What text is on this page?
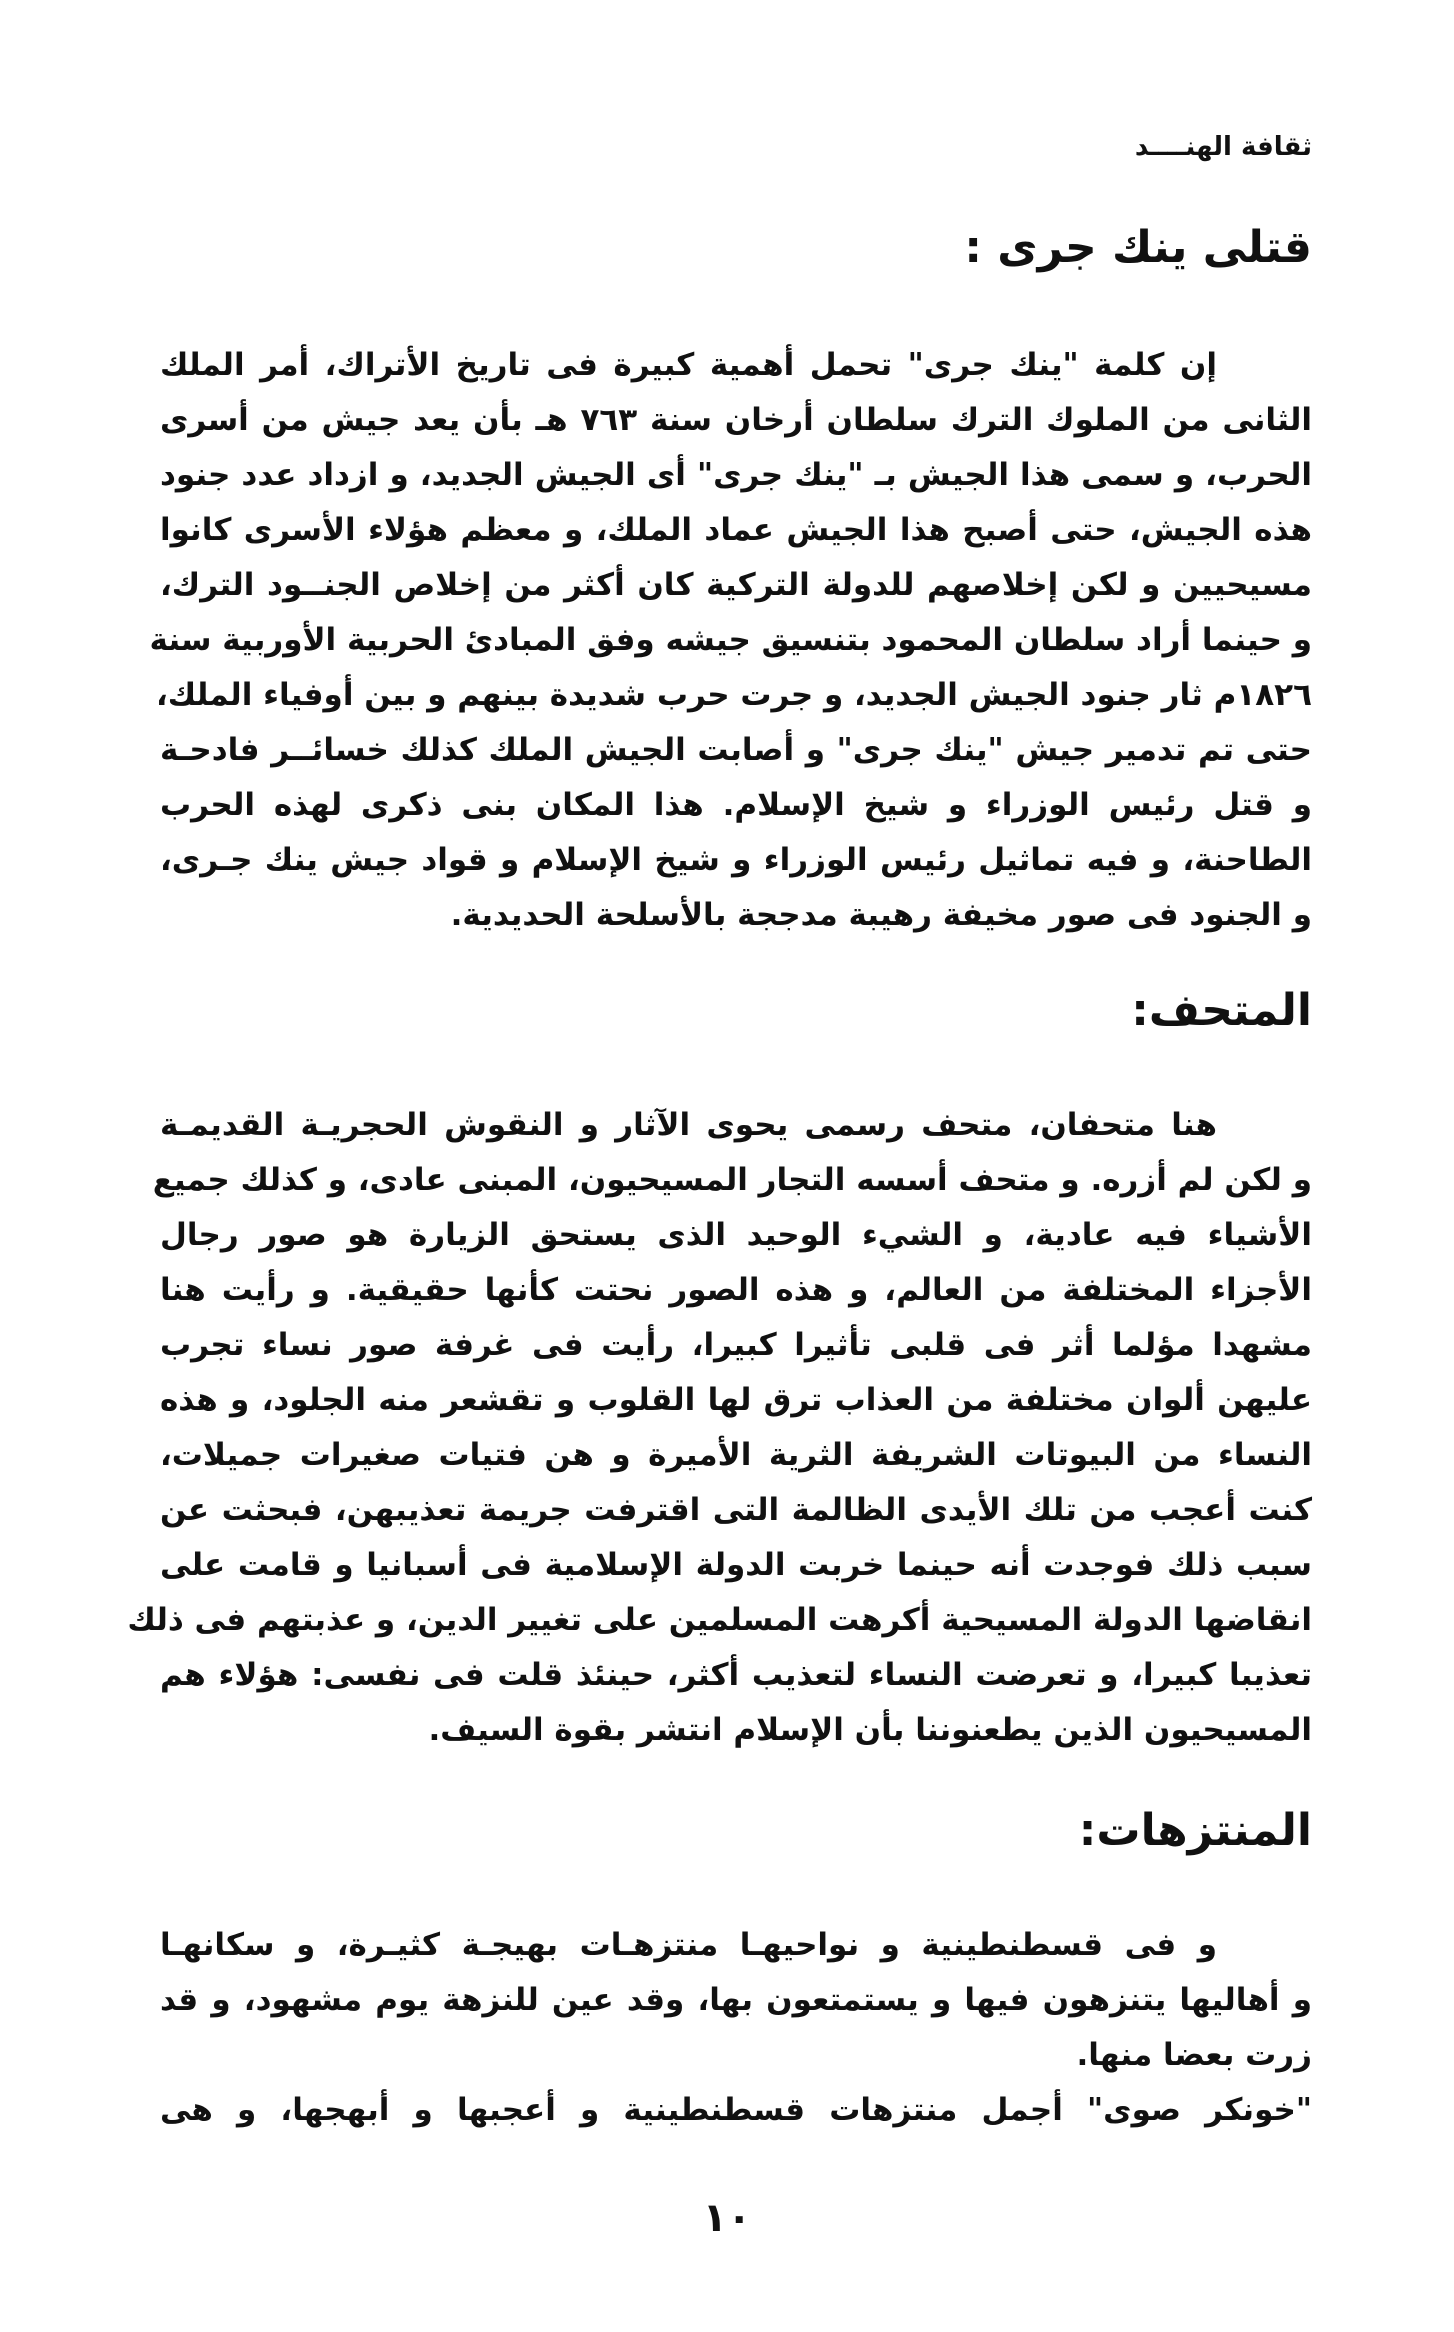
ثقافة الهنــــد
قتلى ينك جرى :
إن كلمة "ينك جرى" تحمل أهمية كبيرة فى تاريخ الأتراك، أمر الملك
الثانى من الملوك الترك سلطان أرخان سنة ٧٦٣ هـ بأن يعد جيش من أسرى
الحرب، و سمى هذا الجيش بـ "ينك جرى" أى الجيش الجديد، و ازداد عدد جنود
هذه الجيش، حتى أصبح هذا الجيش عماد الملك، و معظم هؤلاء الأسرى كانوا
مسيحيين و لكن إخلاصهم للدولة التركية كان أكثر من إخلاص الجنــود الترك،
و حينما أراد سلطان المحمود بتنسيق جيشه وفق المبادئ الحربية الأوربية سنة
١٨٢٦م ثار جنود الجيش الجديد، و جرت حرب شديدة بينهم و بين أوفياء الملك،
حتى تم تدمير جيش "ينك جرى" و أصابت الجيش الملك كذلك خسائــر فادحـة
و قتل رئيس الوزراء و شيخ الإسلام. هذا المكان بنى ذكرى لهذه الحرب
الطاحنة، و فيه تماثيل رئيس الوزراء و شيخ الإسلام و قواد جيش ينك جـرى،
و الجنود فى صور مخيفة رهيبة مدججة بالأسلحة الحديدية.
المتحف:
هنا متحفان، متحف رسمى يحوى الآثار و النقوش الحجريـة القديمـة
و لكن لم أزره. و متحف أسسه التجار المسيحيون، المبنى عادى، و كذلك جميع
الأشياء فيه عادية، و الشيء الوحيد الذى يستحق الزيارة هو صور رجال
الأجزاء المختلفة من العالم، و هذه الصور نحتت كأنها حقيقية. و رأيت هنا
مشهدا مؤلما أثر فى قلبى تأثيرا كبيرا، رأيت فى غرفة صور نساء تجرب
عليهن ألوان مختلفة من العذاب ترق لها القلوب و تقشعر منه الجلود، و هذه
النساء من البيوتات الشريفة الثرية الأميرة و هن فتيات صغيرات جميلات،
كنت أعجب من تلك الأيدى الظالمة التى اقترفت جريمة تعذيبهن، فبحثت عن
سبب ذلك فوجدت أنه حينما خربت الدولة الإسلامية فى أسبانيا و قامت على
انقاضها الدولة المسيحية أكرهت المسلمين على تغيير الدين، و عذبتهم فى ذلك
تعذيبا كبيرا، و تعرضت النساء لتعذيب أكثر، حينئذ قلت فى نفسى: هؤلاء هم
المسيحيون الذين يطعنوننا بأن الإسلام انتشر بقوة السيف.
المنتزهات:
و فى قسطنطينية و نواحيهـا منتزهـات بهيجـة كثيـرة، و سكانهـا
و أهاليها يتنزهون فيها و يستمتعون بها، وقد عين للنزهة يوم مشهود، و قد
زرت بعضا منها.
"خونكر صوى" أجمل منتزهات قسطنطينية و أعجبها و أبهجها، و هى
١٠
